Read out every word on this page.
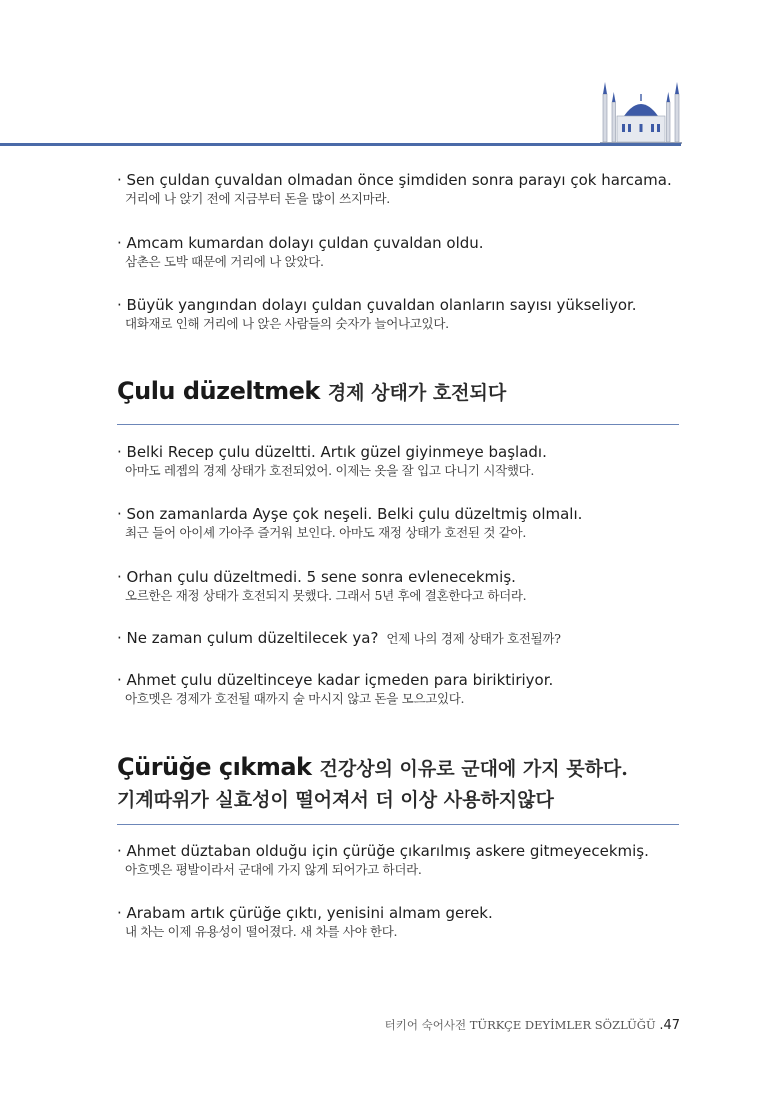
· Sen çuldan çuvaldan olmadan önce şimdiden sonra parayı çok harcama.
거리에 나 앉기 전에 지금부터 돈을 많이 쓰지마라.
· Amcam kumardan dolayı çuldan çuvaldan oldu.
삼촌은 도박 때문에 거리에 나 앉았다.
· Büyük yangından dolayı çuldan çuvaldan olanların sayısı yükseliyor.
대화재로 인해 거리에 나 앉은 사람들의 숫자가 늘어나고있다.
Çulu düzeltmek 경제 상태가 호전되다
· Belki Recep çulu düzeltti. Artık güzel giyinmeye başladı.
아마도 레젭의 경제 상태가 호전되었어. 이제는 옷을 잘 입고 다니기 시작했다.
· Son zamanlarda Ayşe çok neşeli. Belki çulu düzeltmiş olmalı.
최근 들어 아이셰 가아주 즐거워 보인다. 아마도 재정 상태가 호전된 것 같아.
· Orhan çulu düzeltmedi. 5 sene sonra evlenecekmiş.
오르한은 재정 상태가 호전되지 못했다. 그래서 5년 후에 결혼한다고 하더라.
· Ne zaman çulum düzeltilecek ya? 언제 나의 경제 상태가 호전될까?
· Ahmet çulu düzeltinceye kadar içmeden para biriktiriyor.
아흐멧은 경제가 호전될 때까지 술 마시지 않고 돈을 모으고있다.
Çürüğe çıkmak 건강상의 이유로 군대에 가지 못하다.
기계따위가 실효성이 떨어져서 더 이상 사용하지않다
· Ahmet düztaban olduğu için çürüğe çıkarılmış askere gitmeyecekmiş.
아흐멧은 평발이라서 군대에 가지 않게 되어가고 하더라.
· Arabam artık çürüğe çıktı, yenisini almam gerek.
내 차는 이제 유용성이 떨어졌다. 새 차를 사야 한다.
터키어 숙어사전 TÜRKÇE DEYİMLER SÖZLÜĞÜ .47
